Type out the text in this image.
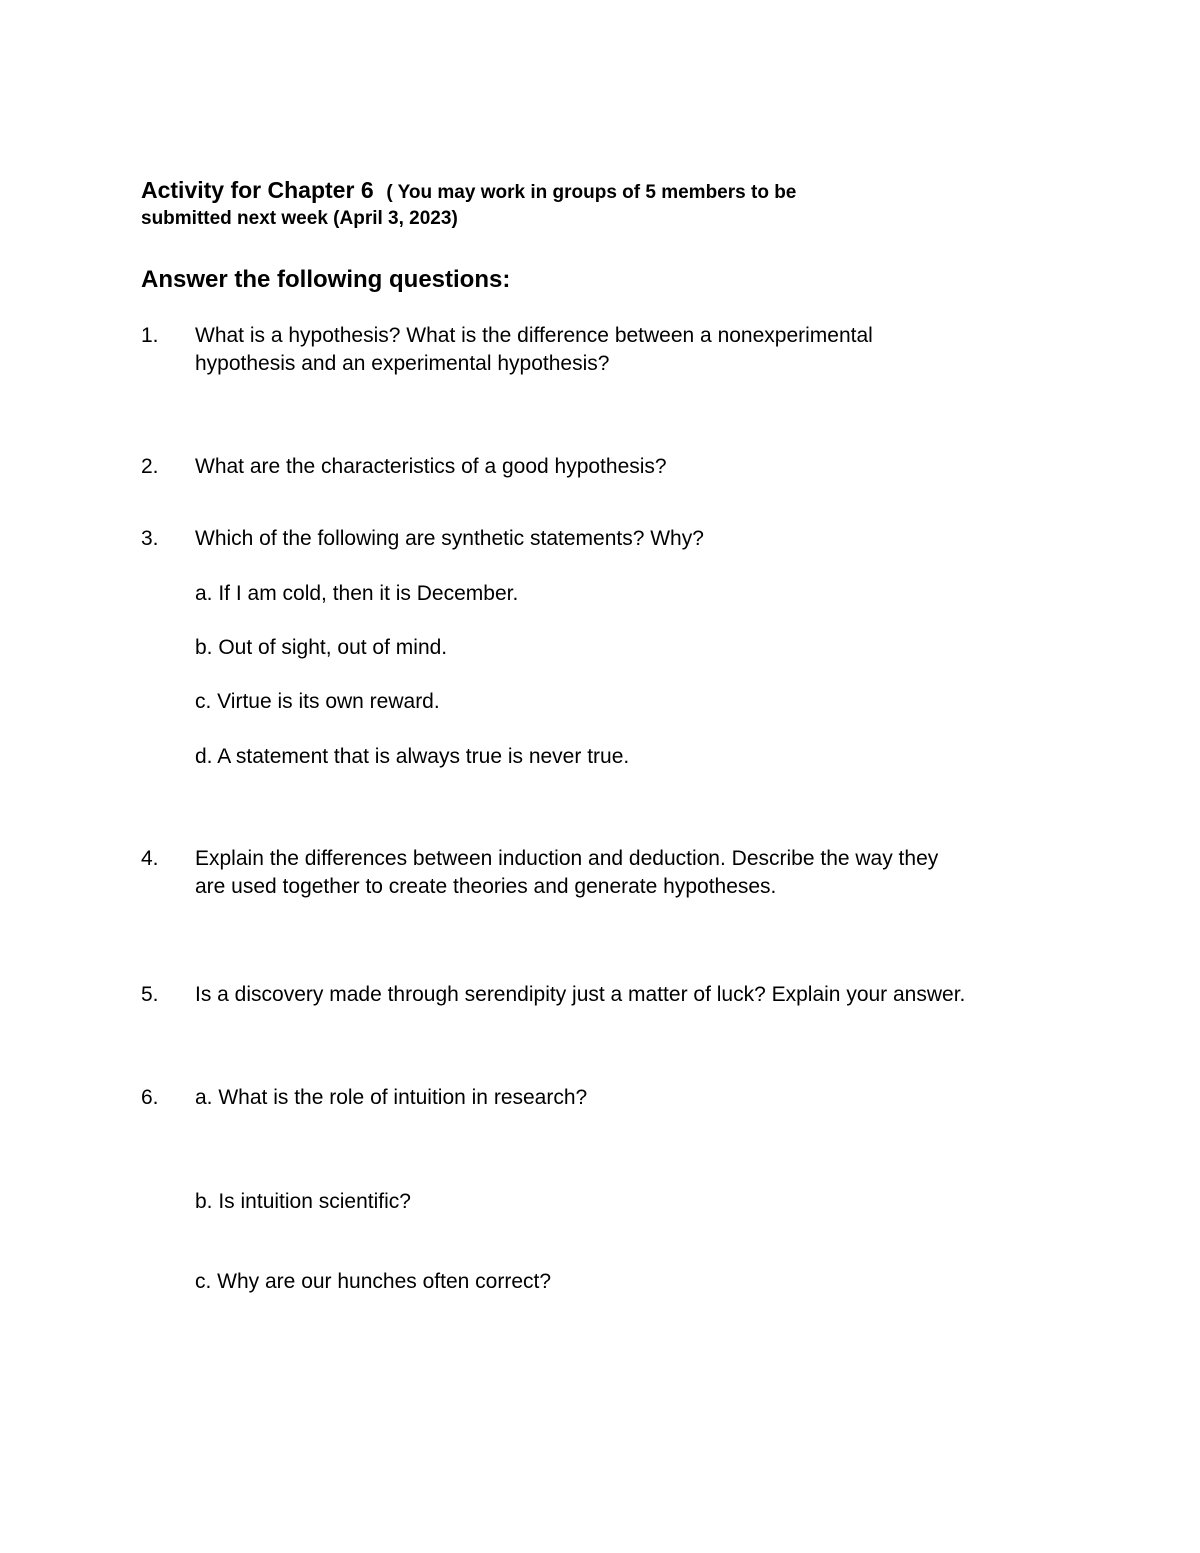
Activity for Chapter 6 ( You may work in groups of 5 members to be
submitted next week (April 3, 2023)
Answer the following questions:
1. What is a hypothesis? What is the difference between a nonexperimental
hypothesis and an experimental hypothesis?
2. What are the characteristics of a good hypothesis?
3. Which of the following are synthetic statements? Why?
a. If I am cold, then it is December.
b. Out of sight, out of mind.
c. Virtue is its own reward.
d. A statement that is always true is never true.
4. Explain the differences between induction and deduction. Describe the way they
are used together to create theories and generate hypotheses.
5. Is a discovery made through serendipity just a matter of luck? Explain your answer.
6. a. What is the role of intuition in research?
b. Is intuition scientific?
c. Why are our hunches often correct?
